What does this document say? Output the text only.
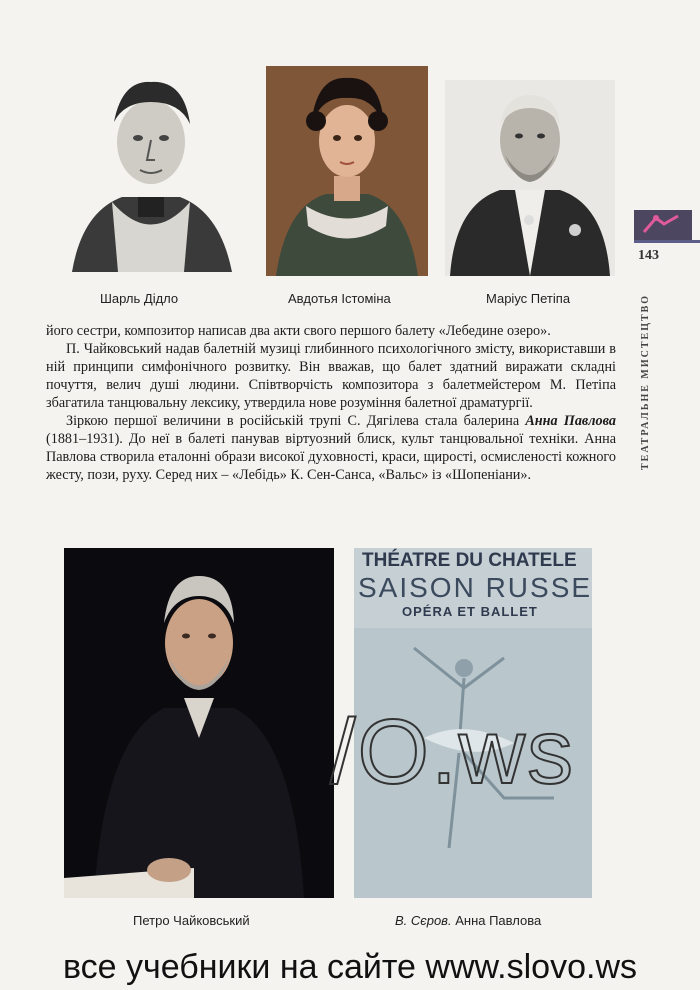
Шарль Дідло	Авдотья Істоміна	Маріус Петіпа
143
ТЕАТРАЛЬНЕ МИСТЕЦТВО

його сестри, композитор написав два акти свого першого балету «Лебедине озеро».

П. Чайковський надав балетній музиці глибинного психологічного змісту, використавши в ній принципи симфонічного розвитку. Він вважав, що балет здатний виражати складні почуття, велич душі людини. Співтворчість композитора з балетмейстером М. Петіпа збагатила танцювальну лексику, утвердила нове розуміння балетної драматургії.

Зіркою першої величини в російській трупі С. Дягілева стала балерина Анна Павлова (1881–1931). До неї в балеті панував віртуозний блиск, культ танцювальної техніки. Анна Павлова створила еталонні образи високої духовності, краси, щирості, осмисленості кожного жесту, пози, руху. Серед них – «Лебідь» К. Сен-Санса, «Вальс» із «Шопеніани».

THÉATRE DU CHATELE
SAISON RUSSE
OPÉRA ET BALLET
Петро Чайковський	В. Сєров. Анна Павлова
все учебники на сайте www.slovo.ws
